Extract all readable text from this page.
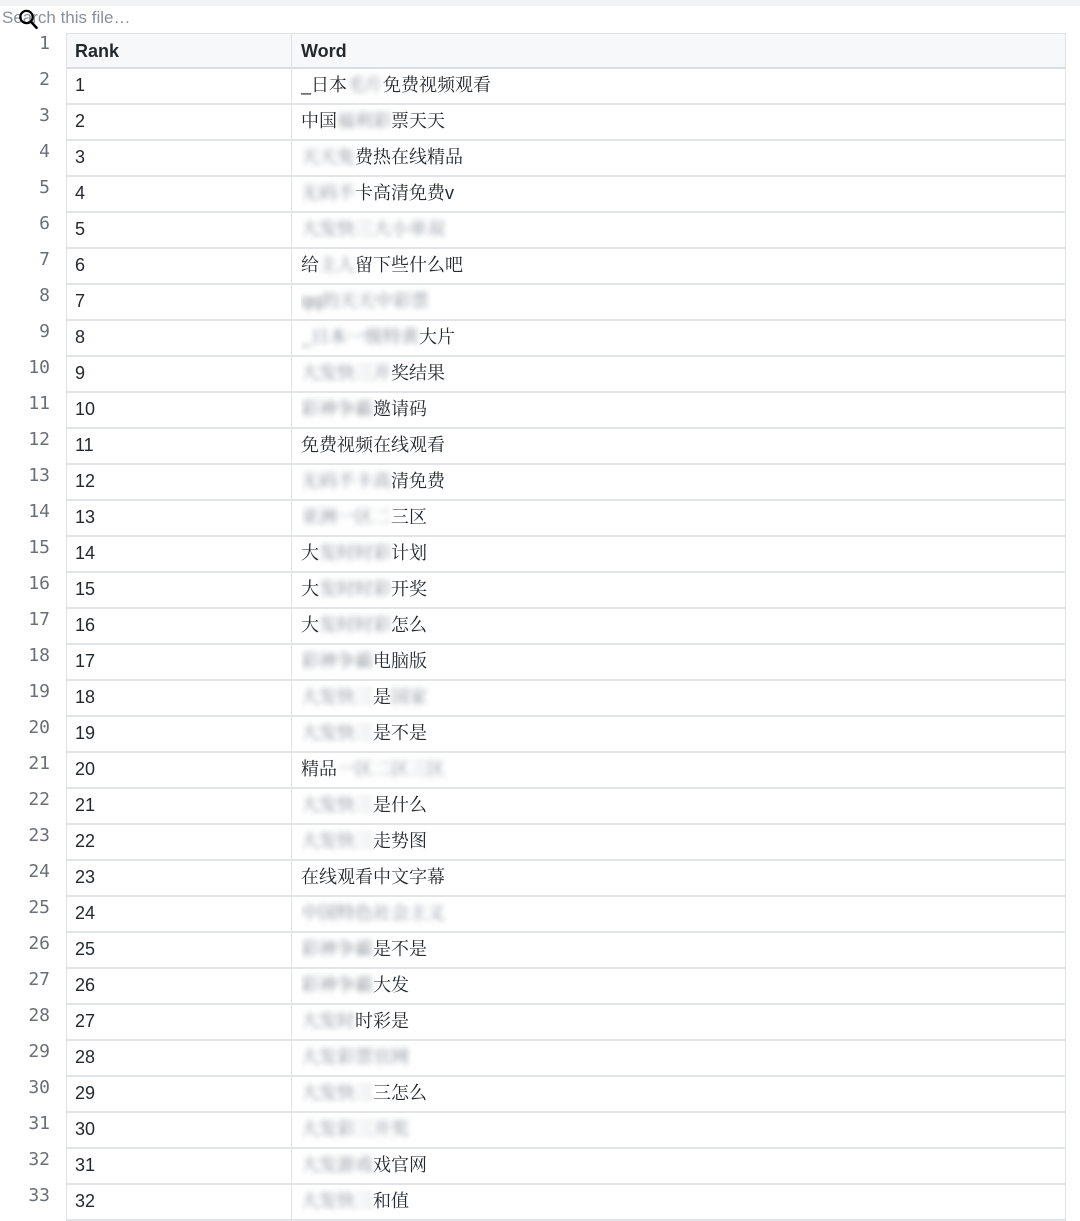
Search this file…
1
2
3
4
5
6
7
8
9
10
11
12
13
14
15
16
17
18
19
20
21
22
23
24
25
26
27
28
29
30
31
32
33
Rank	Word
1	_日本毛片免费视频观看
2	中国福利彩票天天
3	天天免费热在线精品
4	无码不卡高清免费v
5	大发快三大小单双
6	给主人留下些什么吧
7	qq的天天中彩票
8	_日本一级特黄大片
9	大发快三开奖结果
10	彩神争霸邀请码
11	免费视频在线观看
12	无码不卡高清免费
13	亚洲一区二三区
14	大发时时彩计划
15	大发时时彩开奖
16	大发时时彩怎么
17	彩神争霸电脑版
18	大发快三是国家
19	大发快三是不是
20	精品一区二区三区
21	大发快三是什么
22	大发快三走势图
23	在线观看中文字幕
24	中国特色社会主义
25	彩神争霸是不是
26	彩神争霸大发
27	大发时时彩是
28	大发彩票官网
29	大发快三三怎么
30	大发彩三开奖
31	大发游戏戏官网
32	大发快三和值
